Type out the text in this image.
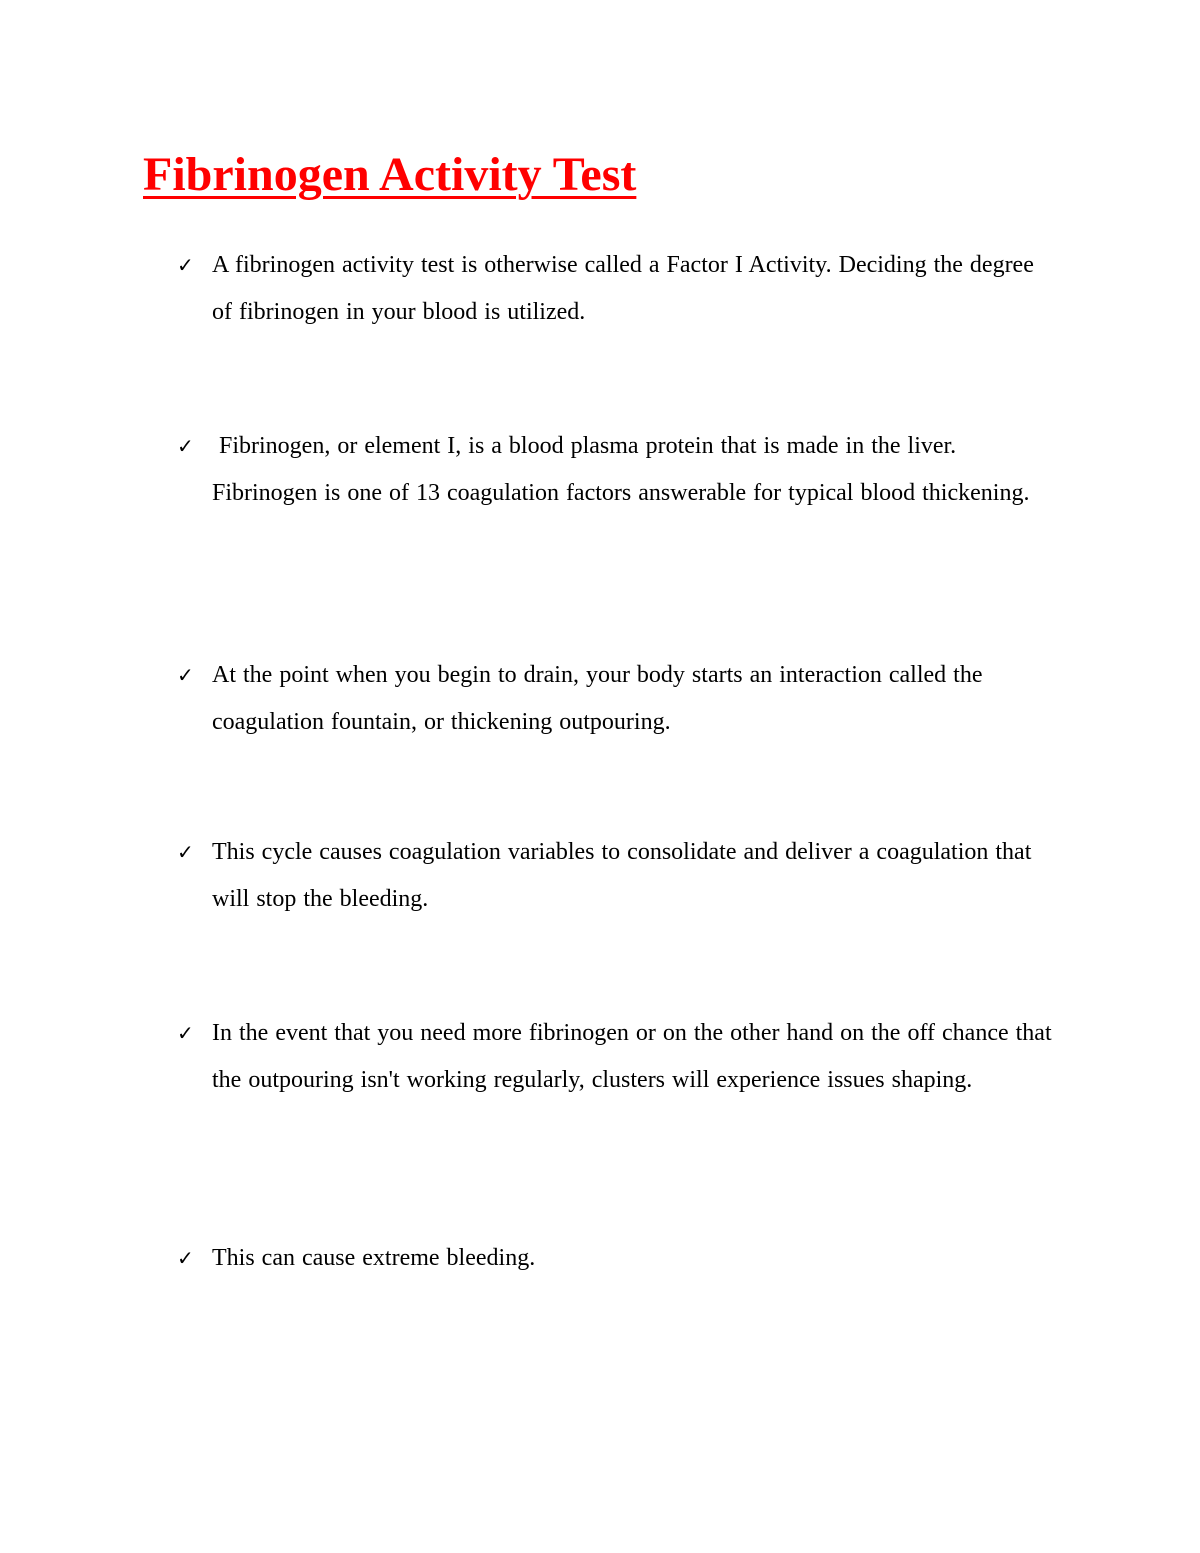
Fibrinogen Activity Test
✓ A fibrinogen activity test is otherwise called a Factor I Activity. Deciding the degree of fibrinogen in your blood is utilized.
✓ Fibrinogen, or element I, is a blood plasma protein that is made in the liver. Fibrinogen is one of 13 coagulation factors answerable for typical blood thickening.
✓ At the point when you begin to drain, your body starts an interaction called the coagulation fountain, or thickening outpouring.
✓ This cycle causes coagulation variables to consolidate and deliver a coagulation that will stop the bleeding.
✓ In the event that you need more fibrinogen or on the other hand on the off chance that the outpouring isn't working regularly, clusters will experience issues shaping.
✓ This can cause extreme bleeding.
